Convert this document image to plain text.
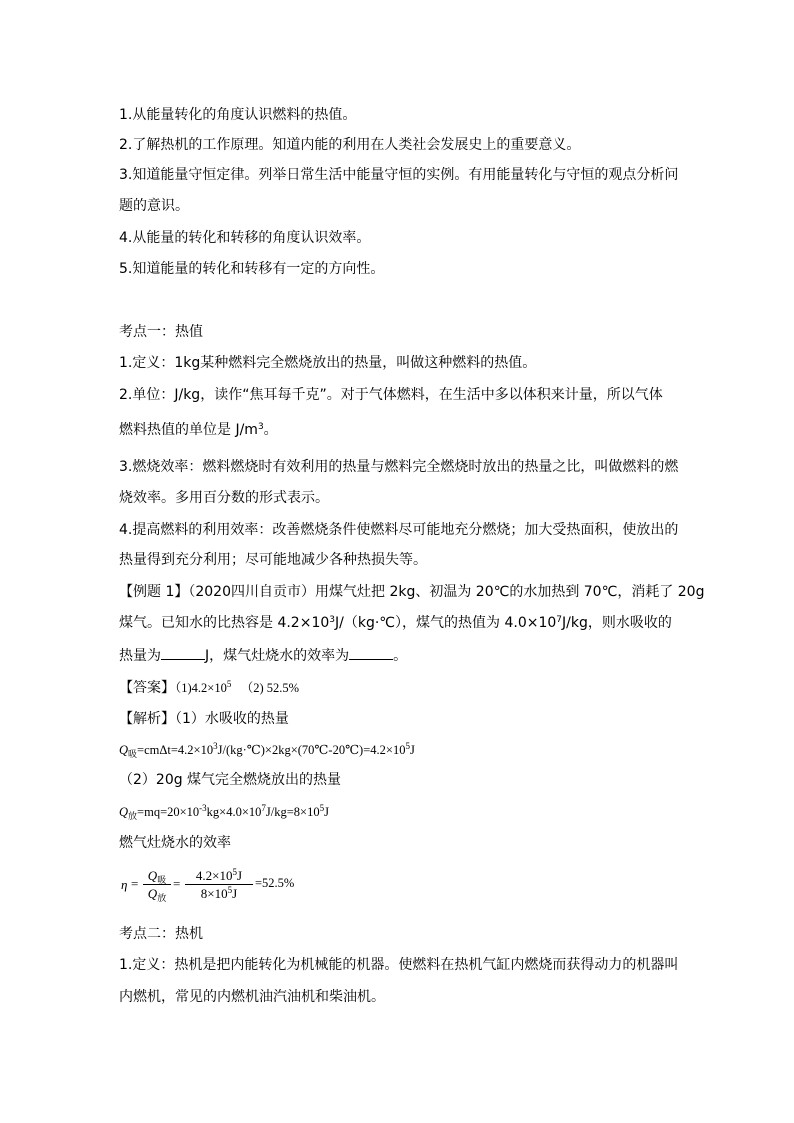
1.从能量转化的角度认识燃料的热值。
2.了解热机的工作原理。知道内能的利用在人类社会发展史上的重要意义。
3.知道能量守恒定律。列举日常生活中能量守恒的实例。有用能量转化与守恒的观点分析问
题的意识。
4.从能量的转化和转移的角度认识效率。
5.知道能量的转化和转移有一定的方向性。
考点一：热值
1.定义：1kg某种燃料完全燃烧放出的热量，叫做这种燃料的热值。
2.单位：J/kg，读作“焦耳每千克”。对于气体燃料，在生活中多以体积来计量，所以气体
燃料热值的单位是 $J/m^3$。
3.燃烧效率：燃料燃烧时有效利用的热量与燃料完全燃烧时放出的热量之比，叫做燃料的燃
烧效率。多用百分数的形式表示。
4.提高燃料的利用效率：改善燃烧条件使燃料尽可能地充分燃烧；加大受热面积，使放出的
热量得到充分利用；尽可能地减少各种热损失等。
【例题 1】（2020四川自贡市）用煤气灶把 2kg、初温为 20℃的水加热到 70℃，消耗了 20g
煤气。已知水的比热容是 $4.2\times 10^3J/(kg\cdot℃)$，煤气的热值为 $4.0\times 10^7J/kg$，则水吸收的
热量为	J，煤气灶烧水的效率为	。
【答案】$(1)4.2\times 10^5$ （2) 52.5%
【解析】（1）水吸收的热量
$Q_吸=cm\Delta t=4.2\times 10^3J/(kg\cdot℃)\times 2kg\times(70℃-20℃)=4.2\times 10^5J$
（2）20g 煤气完全燃烧放出的热量
$Q_放=mq=20\times 10^{-3}kg\times 4.0\times 10^7J/kg=8\times 10^5J$
燃气灶烧水的效率
η =
$Q_吸$
$Q_放$
=
$4.2\times 10^5J$
$8\times 10^5J$
=52.5%
考点二：热机
1.定义：热机是把内能转化为机械能的机器。使燃料在热机气缸内燃烧而获得动力的机器叫
内燃机，常见的内燃机油汽油机和柴油机。
